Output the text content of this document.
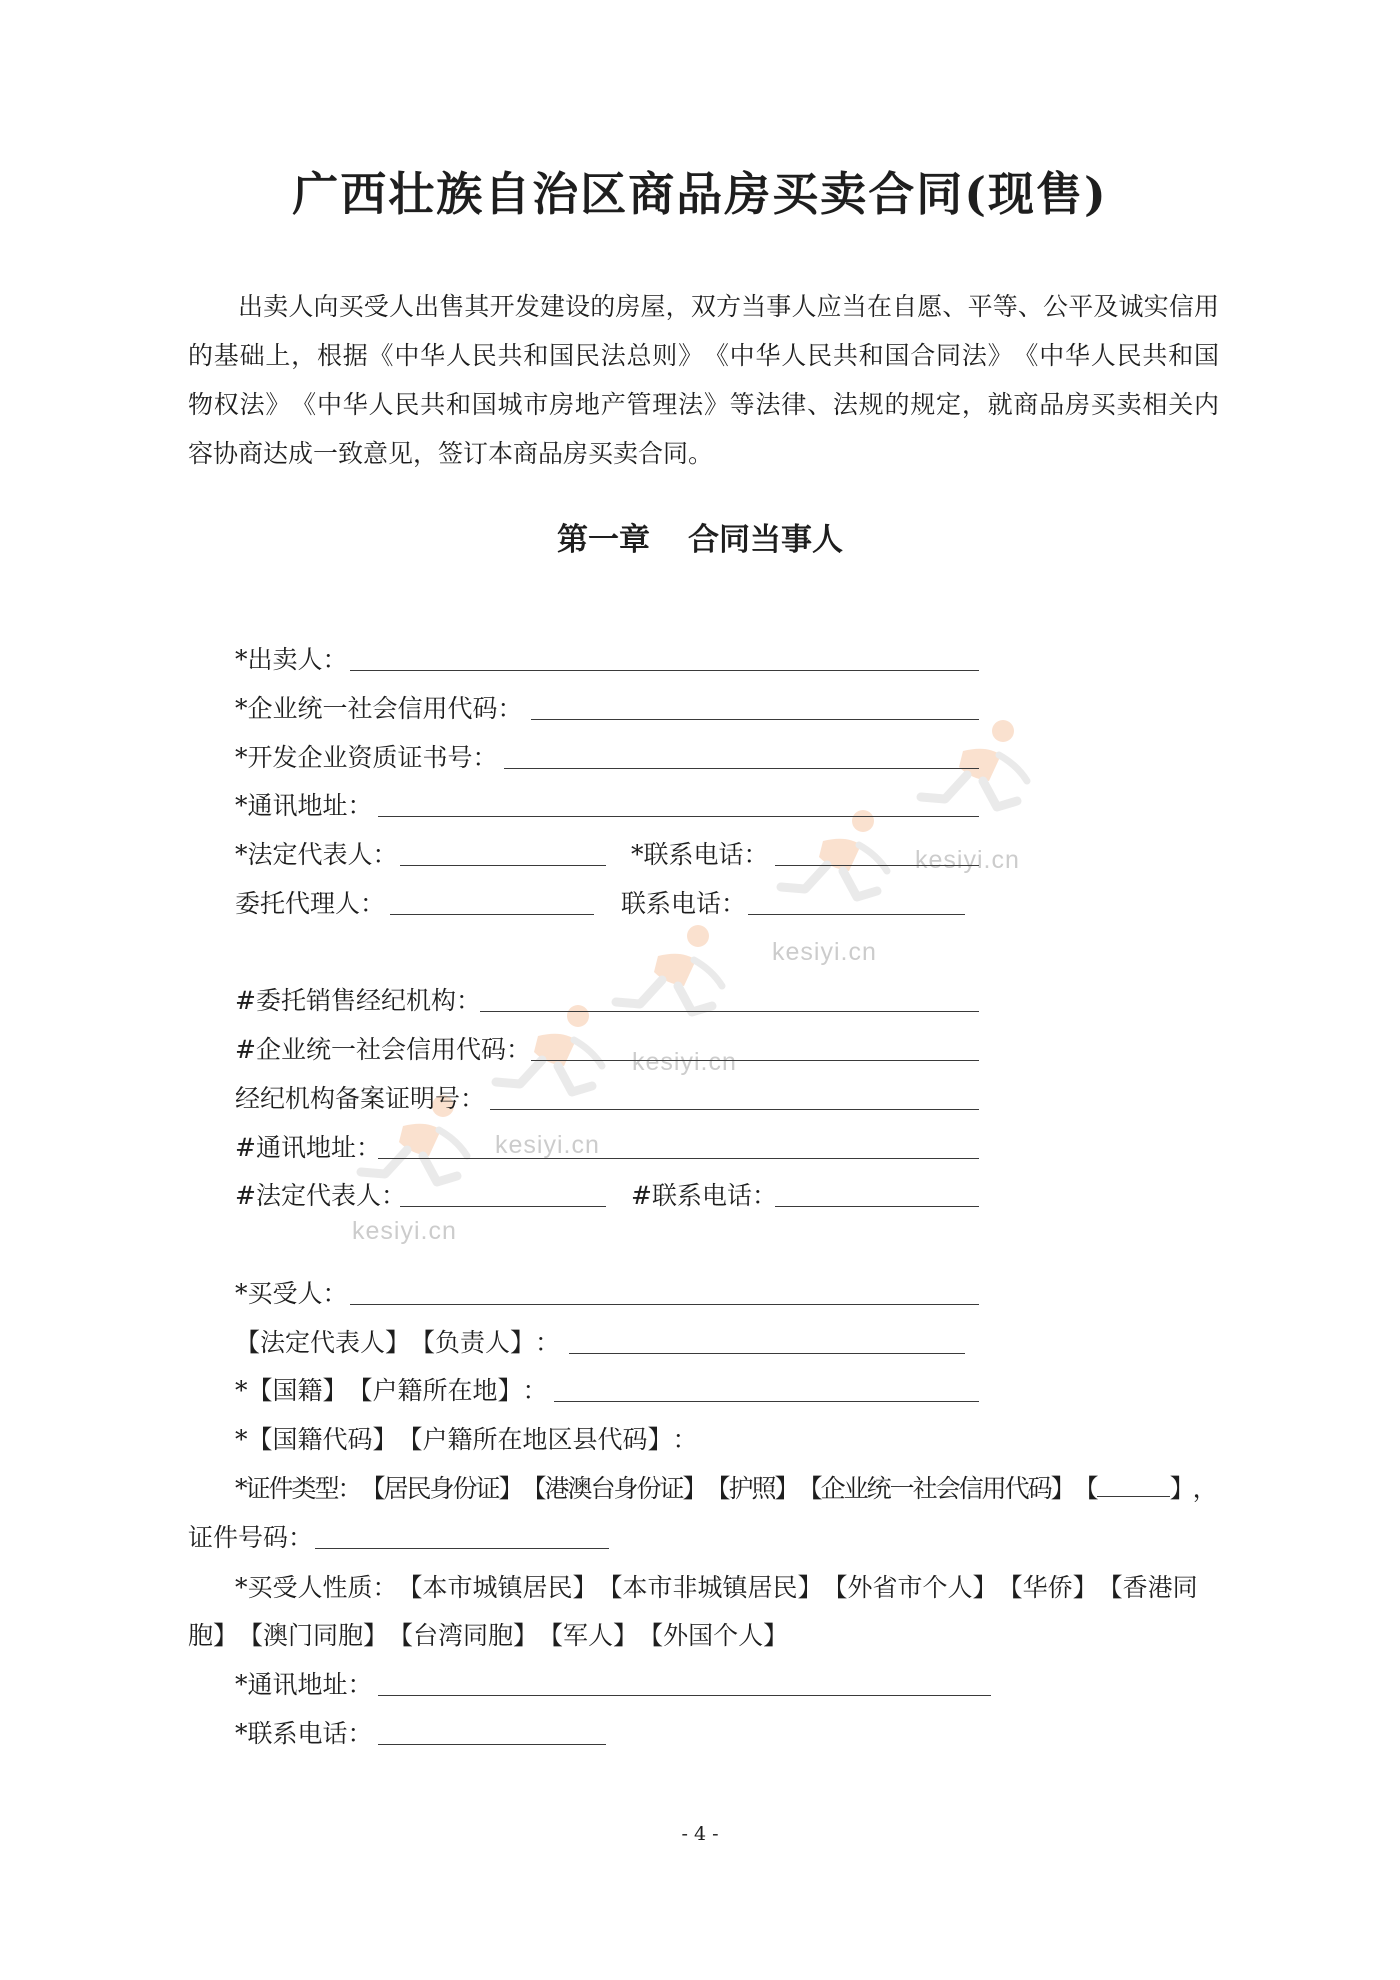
kesiyi.cn
kesiyi.cn
kesiyi.cn
kesiyi.cn
kesiyi.cn
广西壮族自治区商品房买卖合同(现售)
出卖人向买受人出售其开发建设的房屋，双方当事人应当在自愿、平等、公平及诚实信用
的基础上，根据《中华人民共和国民法总则》《中华人民共和国合同法》《中华人民共和国
物权法》《中华人民共和国城市房地产管理法》等法律、法规的规定，就商品房买卖相关内
容协商达成一致意见，签订本商品房买卖合同。
第一章 合同当事人
*出卖人：
*企业统一社会信用代码：
*开发企业资质证书号：
*通讯地址：
*法定代表人：	*联系电话：
委托代理人：	联系电话：
#委托销售经纪机构：
#企业统一社会信用代码：
经纪机构备案证明号：
#通讯地址：
#法定代表人：	#联系电话：
*买受人：
【法定代表人】【负责人】：
*【国籍】【户籍所在地】：
*【国籍代码】【户籍所在地区县代码】：
*证件类型：【居民身份证】【港澳台身份证】【护照】【企业统一社会信用代码】【	】，
证件号码：
*买受人性质：【本市城镇居民】【本市非城镇居民】【外省市个人】【华侨】【香港同胞】【澳门同胞】【台湾同胞】【军人】【外国个人】
*通讯地址：
*联系电话：
- 4 -
